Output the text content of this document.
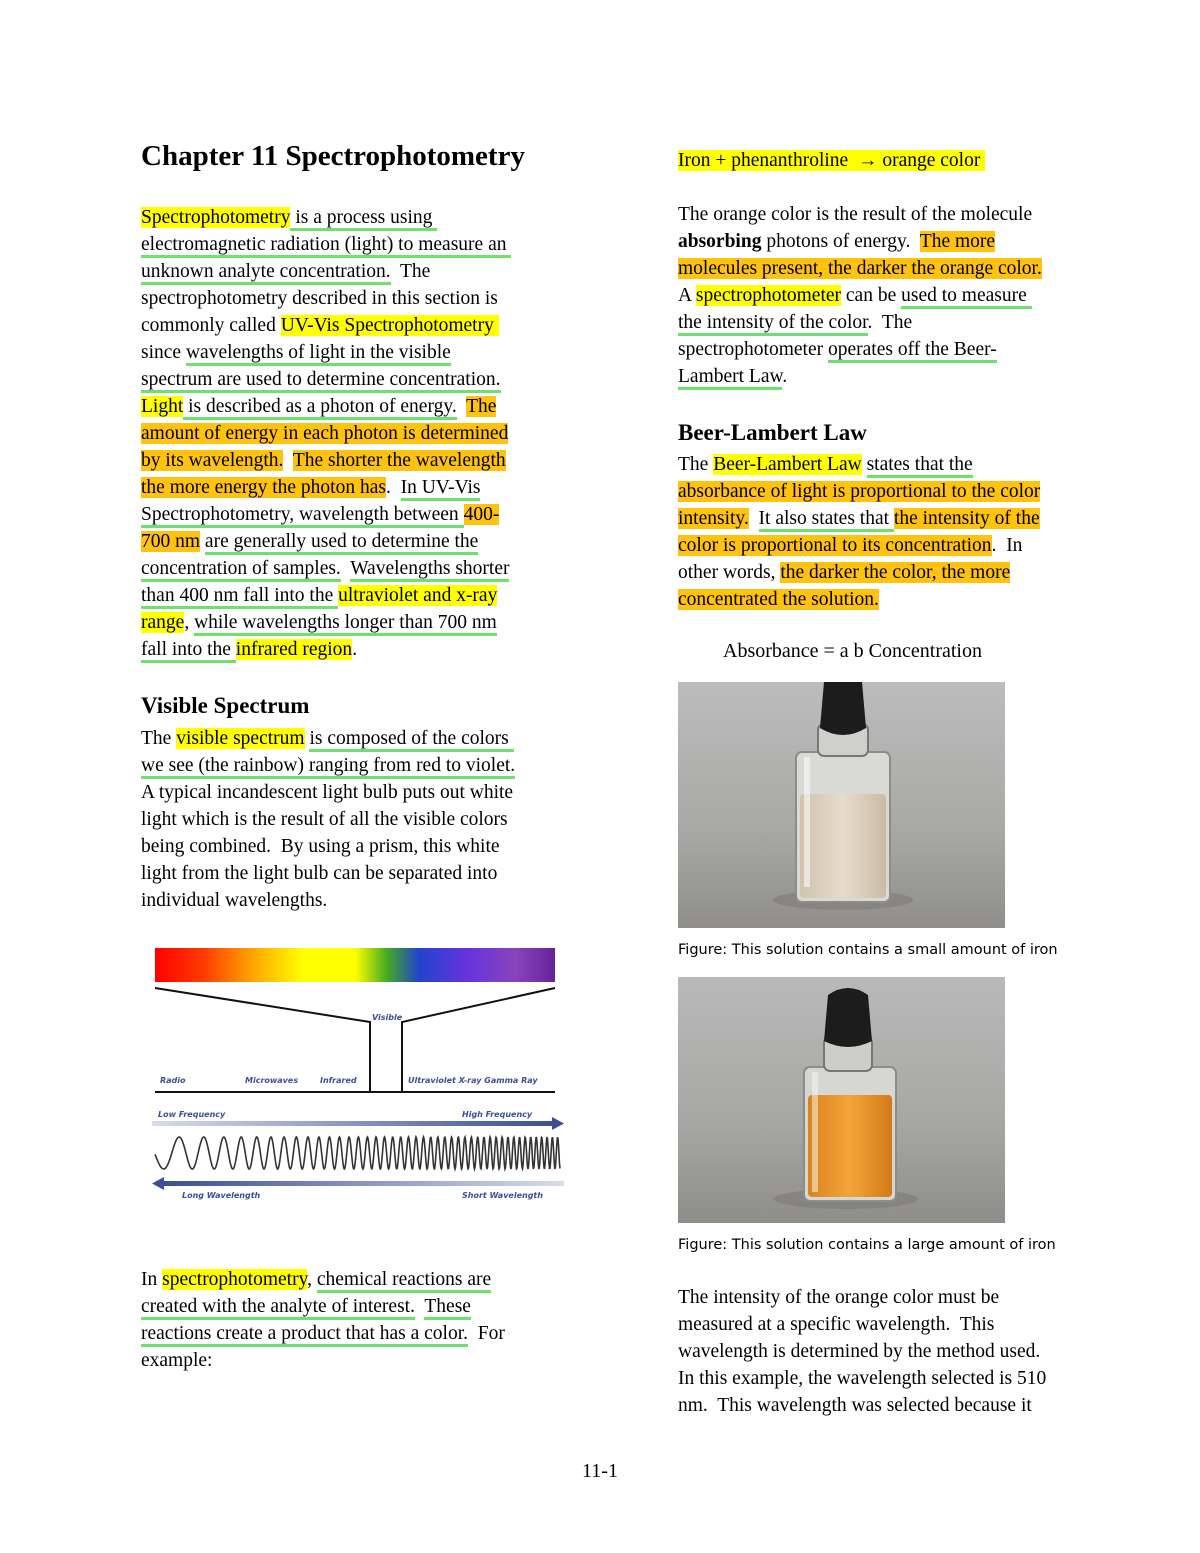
Chapter 11 Spectrophotometry
Spectrophotometry is a process using
electromagnetic radiation (light) to measure an
unknown analyte concentration.  The
spectrophotometry described in this section is
commonly called UV-Vis Spectrophotometry
since wavelengths of light in the visible
spectrum are used to determine concentration.
Light is described as a photon of energy. The
amount of energy in each photon is determined
by its wavelength. The shorter the wavelength
the more energy the photon has.  In UV-Vis
Spectrophotometry, wavelength between 400-
700 nm are generally used to determine the
concentration of samples. Wavelengths shorter
than 400 nm fall into the ultraviolet and x-ray
range, while wavelengths longer than 700 nm
fall into the infrared region.
Visible Spectrum
The visible spectrum is composed of the colors
we see (the rainbow) ranging from red to violet.
A typical incandescent light bulb puts out white
light which is the result of all the visible colors
being combined.  By using a prism, this white
light from the light bulb can be separated into
individual wavelengths.
In spectrophotometry, chemical reactions are
created with the analyte of interest. These
reactions create a product that has a color.  For
example:
Visible
Radio	Microwaves	Infrared	Ultraviolet X-ray Gamma Ray
Low Frequency	High Frequency
Long Wavelength	Short Wavelength
Iron + phenanthroline  → orange color
The orange color is the result of the molecule
absorbing photons of energy.  The more
molecules present, the darker the orange color.
A spectrophotometer can be used to measure
the intensity of the color.  The
spectrophotometer operates off the Beer-
Lambert Law.
Beer-Lambert Law
The Beer-Lambert Law states that the
absorbance of light is proportional to the color
intensity. It also states that the intensity of the
color is proportional to its concentration.  In
other words, the darker the color, the more
concentrated the solution.
Absorbance = a b Concentration
Figure: This solution contains a small amount of iron
Figure: This solution contains a large amount of iron
The intensity of the orange color must be
measured at a specific wavelength.  This
wavelength is determined by the method used.
In this example, the wavelength selected is 510
nm.  This wavelength was selected because it
11-1
